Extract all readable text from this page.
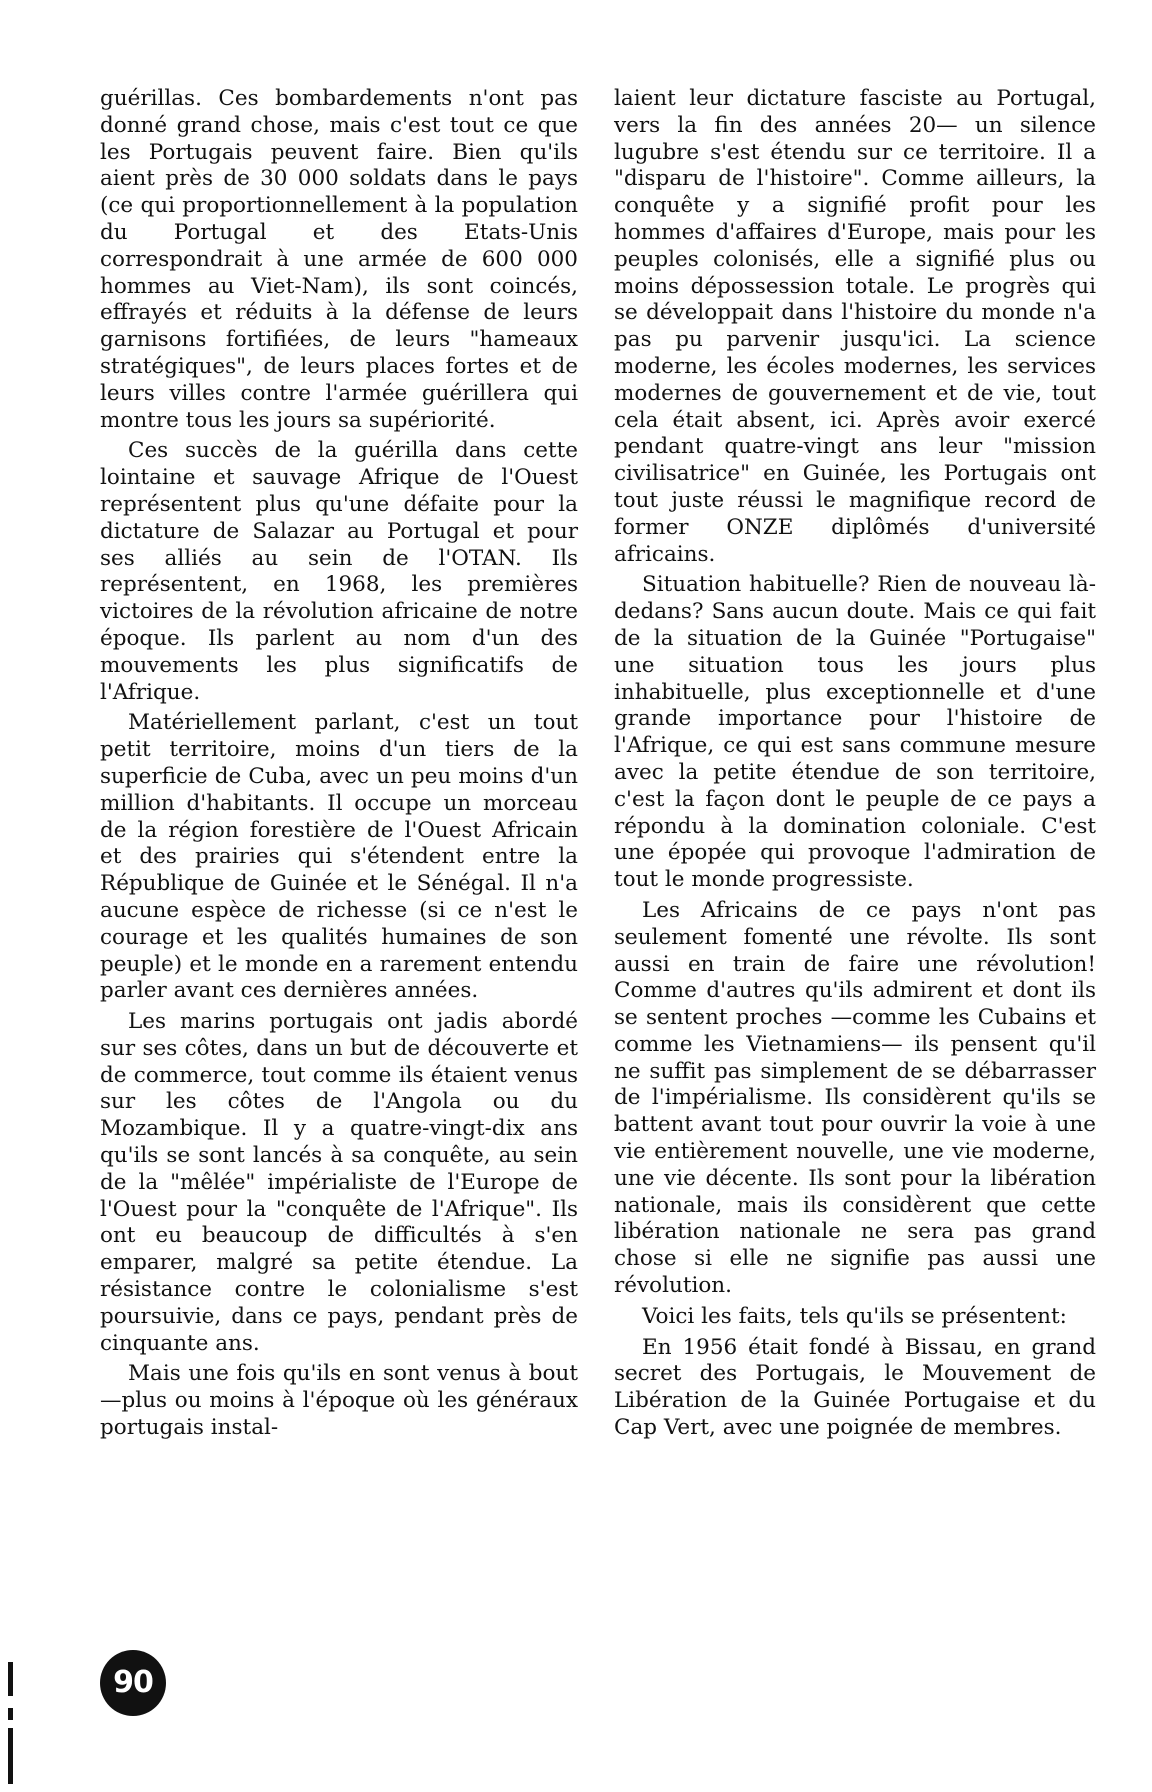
guérillas. Ces bombardements n'ont pas donné grand chose, mais c'est tout ce que les Portugais peuvent faire. Bien qu'ils aient près de 30 000 soldats dans le pays (ce qui proportionnellement à la population du Portugal et des Etats-Unis correspondrait à une armée de 600 000 hommes au Viet-Nam), ils sont coincés, effrayés et réduits à la défense de leurs garnisons fortifiées, de leurs "hameaux stratégiques", de leurs places fortes et de leurs villes contre l'armée guérillera qui montre tous les jours sa supériorité.

Ces succès de la guérilla dans cette lointaine et sauvage Afrique de l'Ouest représentent plus qu'une défaite pour la dictature de Salazar au Portugal et pour ses alliés au sein de l'OTAN. Ils représentent, en 1968, les premières victoires de la révolution africaine de notre époque. Ils parlent au nom d'un des mouvements les plus significatifs de l'Afrique.

Matériellement parlant, c'est un tout petit territoire, moins d'un tiers de la superficie de Cuba, avec un peu moins d'un million d'habitants. Il occupe un morceau de la région forestière de l'Ouest Africain et des prairies qui s'étendent entre la République de Guinée et le Sénégal. Il n'a aucune espèce de richesse (si ce n'est le courage et les qualités humaines de son peuple) et le monde en a rarement entendu parler avant ces dernières années.

Les marins portugais ont jadis abordé sur ses côtes, dans un but de découverte et de commerce, tout comme ils étaient venus sur les côtes de l'Angola ou du Mozambique. Il y a quatre-vingt-dix ans qu'ils se sont lancés à sa conquête, au sein de la "mêlée" impérialiste de l'Europe de l'Ouest pour la "conquête de l'Afrique". Ils ont eu beaucoup de difficultés à s'en emparer, malgré sa petite étendue. La résistance contre le colonialisme s'est poursuivie, dans ce pays, pendant près de cinquante ans.

Mais une fois qu'ils en sont venus à bout —plus ou moins à l'époque où les généraux portugais instal-

laient leur dictature fasciste au Portugal, vers la fin des années 20— un silence lugubre s'est étendu sur ce territoire. Il a "disparu de l'histoire". Comme ailleurs, la conquête y a signifié profit pour les hommes d'affaires d'Europe, mais pour les peuples colonisés, elle a signifié plus ou moins dépossession totale. Le progrès qui se développait dans l'histoire du monde n'a pas pu parvenir jusqu'ici. La science moderne, les écoles modernes, les services modernes de gouvernement et de vie, tout cela était absent, ici. Après avoir exercé pendant quatre-vingt ans leur "mission civilisatrice" en Guinée, les Portugais ont tout juste réussi le magnifique record de former ONZE diplômés d'université africains.

Situation habituelle? Rien de nouveau là-dedans? Sans aucun doute. Mais ce qui fait de la situation de la Guinée "Portugaise" une situation tous les jours plus inhabituelle, plus exceptionnelle et d'une grande importance pour l'histoire de l'Afrique, ce qui est sans commune mesure avec la petite étendue de son territoire, c'est la façon dont le peuple de ce pays a répondu à la domination coloniale. C'est une épopée qui provoque l'admiration de tout le monde progressiste.

Les Africains de ce pays n'ont pas seulement fomenté une révolte. Ils sont aussi en train de faire une révolution! Comme d'autres qu'ils admirent et dont ils se sentent proches —comme les Cubains et comme les Vietnamiens— ils pensent qu'il ne suffit pas simplement de se débarrasser de l'impérialisme. Ils considèrent qu'ils se battent avant tout pour ouvrir la voie à une vie entièrement nouvelle, une vie moderne, une vie décente. Ils sont pour la libération nationale, mais ils considèrent que cette libération nationale ne sera pas grand chose si elle ne signifie pas aussi une révolution.

Voici les faits, tels qu'ils se présentent:

En 1956 était fondé à Bissau, en grand secret des Portugais, le Mouvement de Libération de la Guinée Portugaise et du Cap Vert, avec une poignée de membres.

90
